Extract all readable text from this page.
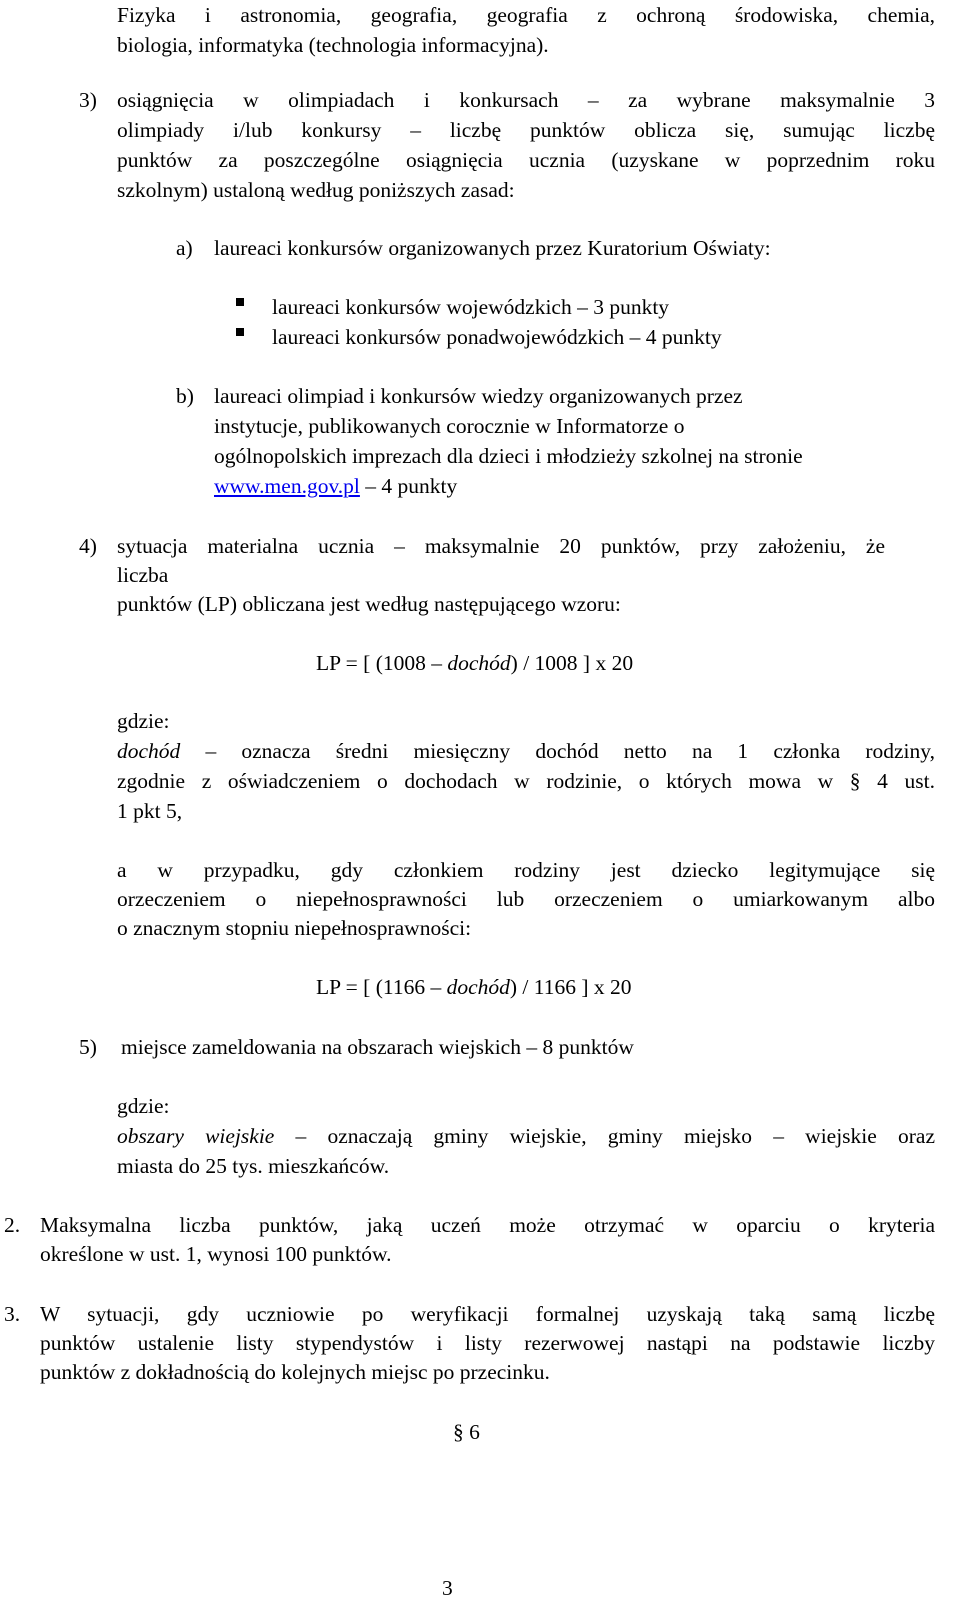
Fizyka i astronomia, geografia, geografia z ochroną środowiska, chemia,

biologia, informatyka (technologia informacyjna).

3) osiągnięcia w olimpiadach i konkursach – za wybrane maksymalnie 3

olimpiady i/lub konkursy – liczbę punktów oblicza się, sumując liczbę

punktów za poszczególne osiągnięcia ucznia (uzyskane w poprzednim roku

szkolnym) ustaloną według poniższych zasad:

a) laureaci konkursów organizowanych przez Kuratorium Oświaty:

laureaci konkursów wojewódzkich – 3 punkty

laureaci konkursów ponadwojewódzkich – 4 punkty

b) laureaci olimpiad i konkursów wiedzy organizowanych przez

instytucje, publikowanych corocznie w Informatorze o

ogólnopolskich imprezach dla dzieci i młodzieży szkolnej na stronie

www.men.gov.pl – 4 punkty

4) sytuacja materialna ucznia – maksymalnie 20 punktów, przy założeniu, że

liczba

punktów (LP) obliczana jest według następującego wzoru:

LP = [ (1008 – dochód) / 1008 ] x 20

gdzie:

dochód – oznacza średni miesięczny dochód netto na 1 członka rodziny,

zgodnie z oświadczeniem o dochodach w rodzinie, o których mowa w § 4 ust.

1 pkt 5,

a w przypadku, gdy członkiem rodziny jest dziecko legitymujące się

orzeczeniem o niepełnosprawności lub orzeczeniem o umiarkowanym albo

o znacznym stopniu niepełnosprawności:

LP = [ (1166 – dochód) / 1166 ] x 20

5) miejsce zameldowania na obszarach wiejskich – 8 punktów

gdzie:

obszary wiejskie – oznaczają gminy wiejskie, gminy miejsko – wiejskie oraz

miasta do 25 tys. mieszkańców.

2. Maksymalna liczba punktów, jaką uczeń może otrzymać w oparciu o kryteria

określone w ust. 1, wynosi 100 punktów.

3. W sytuacji, gdy uczniowie po weryfikacji formalnej uzyskają taką samą liczbę

punktów ustalenie listy stypendystów i listy rezerwowej nastąpi na podstawie liczby

punktów z dokładnością do kolejnych miejsc po przecinku.

§ 6

3
